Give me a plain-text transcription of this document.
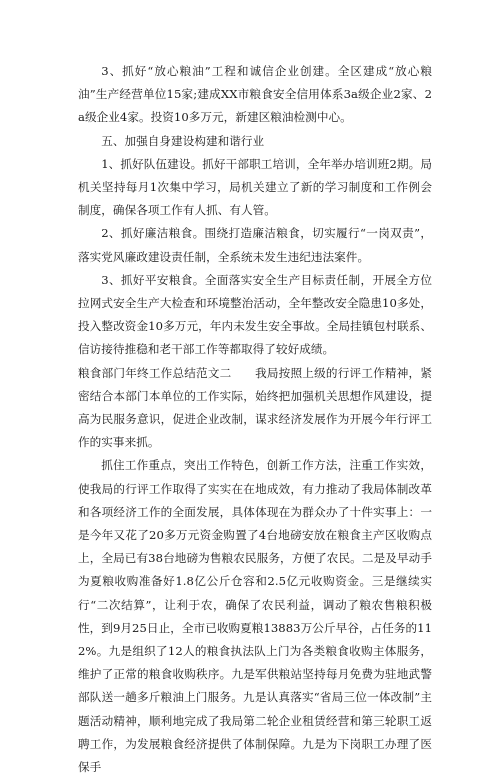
3、抓好“放心粮油”工程和诚信企业创建。全区建成“放心粮油”生产经营单位15家;建成XX市粮食安全信用体系3a级企业2家、2a级企业4家。投资10多万元，新建区粮油检测中心。

五、加强自身建设构建和谐行业

1、抓好队伍建设。抓好干部职工培训，全年举办培训班2期。局机关坚持每月1次集中学习，局机关建立了新的学习制度和工作例会制度，确保各项工作有人抓、有人管。

2、抓好廉洁粮食。围绕打造廉洁粮食，切实履行“一岗双责”，落实党风廉政建设责任制，全系统未发生违纪违法案件。

3、抓好平安粮食。全面落实安全生产目标责任制，开展全方位拉网式安全生产大检查和环境整治活动，全年整改安全隐患10多处，投入整改资金10多万元，年内未发生安全事故。全局挂镇包村联系、信访接待推稳和老干部工作等都取得了较好成绩。

粮食部门年终工作总结范文二　　我局按照上级的行评工作精神，紧密结合本部门本单位的工作实际，始终把加强机关思想作风建设，提高为民服务意识，促进企业改制，谋求经济发展作为开展今年行评工作的实事来抓。

抓住工作重点，突出工作特色，创新工作方法，注重工作实效，使我局的行评工作取得了实实在在地成效，有力推动了我局体制改革和各项经济工作的全面发展，具体体现在为群众办了十件实事上：一是今年又花了20多万元资金购置了4台地磅安放在粮食主产区收购点上，全局已有38台地磅为售粮农民服务，方便了农民。二是及早动手为夏粮收购准备好1.8亿公斤仓容和2.5亿元收购资金。三是继续实行“二次结算”，让利于农，确保了农民利益，调动了粮农售粮积极性，到9月25日止，全市已收购夏粮13883万公斤早谷，占任务的112%。九是组织了12人的粮食执法队上门为各类粮食收购主体服务，维护了正常的粮食收购秩序。九是军供粮站坚持每月免费为驻地武警部队送一趟多斤粮油上门服务。九是认真落实“省局三位一体改制”主题活动精神，顺利地完成了我局第二轮企业租赁经营和第三轮职工返聘工作，为发展粮食经济提供了体制保障。九是为下岗职工办理了医保手
